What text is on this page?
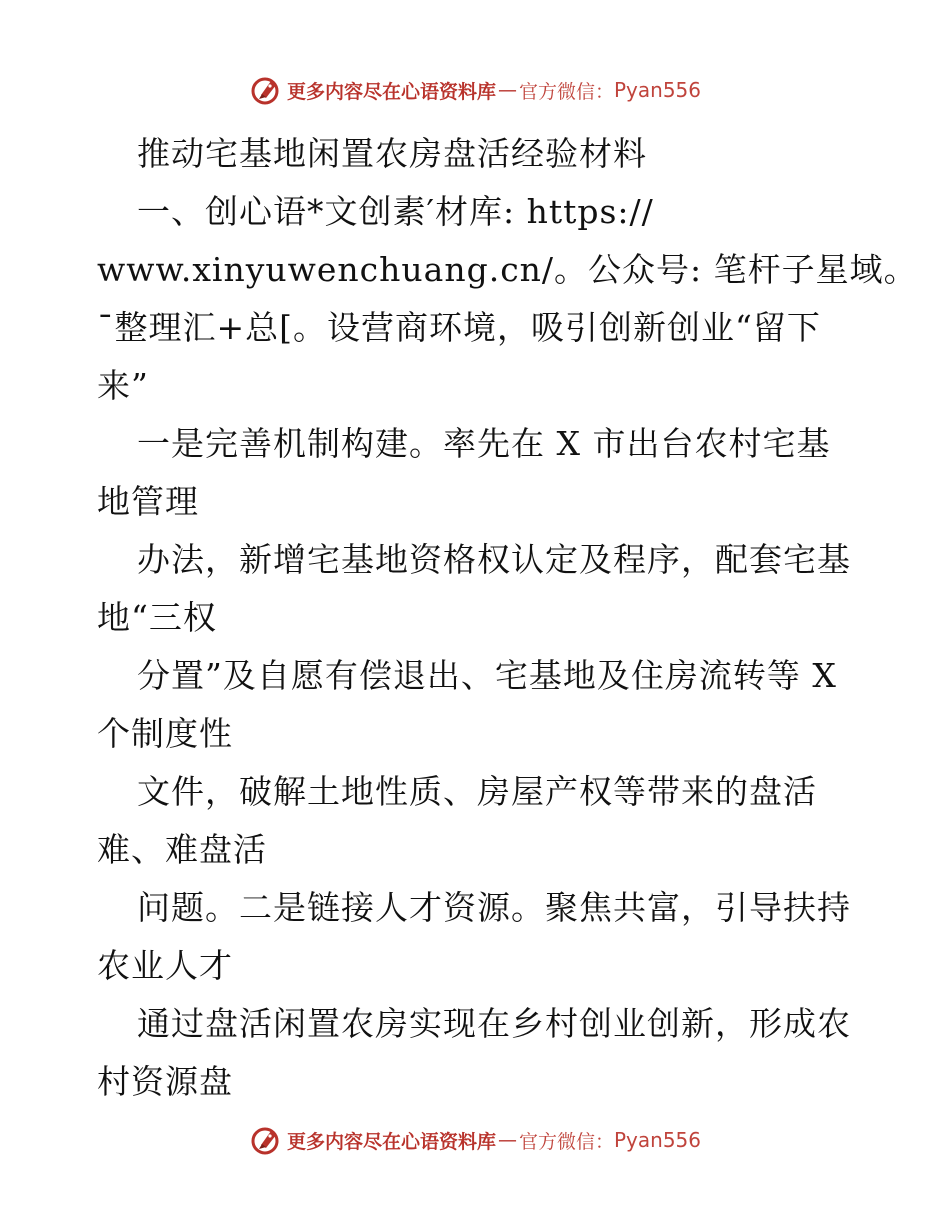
更多内容尽在心语资料库 — 官方微信： Pyan556
推动宅基地闲置农房盘活经验材料
一、创心语*文创素′材库: https://
www.xinyuwenchuang.cn/。公众号: 笔杆子星域。
¯整理汇+总[。设营商环境，吸引创新创业“留下
来”
一是完善机制构建。率先在 X 市出台农村宅基
地管理
办法，新增宅基地资格权认定及程序，配套宅基
地“三权
分置”及自愿有偿退出、宅基地及住房流转等 X
个制度性
文件，破解土地性质、房屋产权等带来的盘活
难、难盘活
问题。二是链接人才资源。聚焦共富，引导扶持
农业人才
通过盘活闲置农房实现在乡村创业创新，形成农
村资源盘
更多内容尽在心语资料库 — 官方微信： Pyan556
